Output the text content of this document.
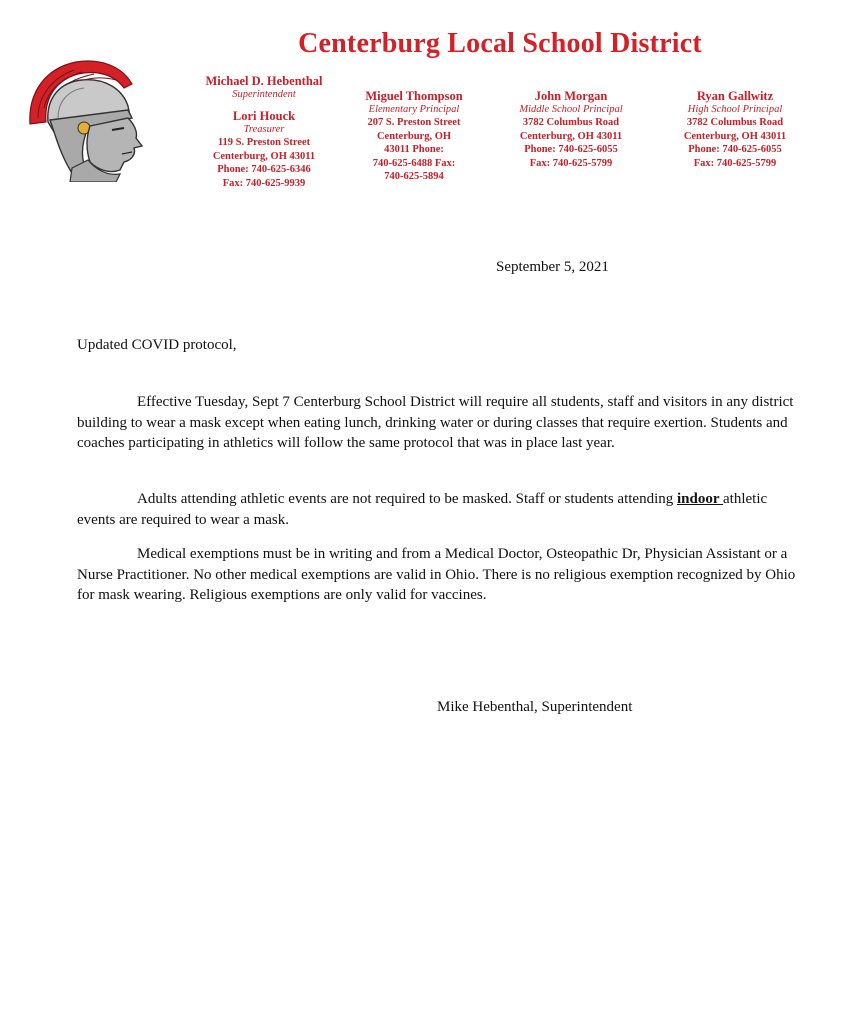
Centerburg Local School District
Michael D. Hebenthal
Superintendent
Lori Houck
Treasurer
119 S. Preston Street
Centerburg, OH 43011
Phone: 740-625-6346
Fax: 740-625-9939
Miguel Thompson
Elementary Principal
207 S. Preston Street
Centerburg, OH
43011 Phone:
740-625-6488 Fax:
740-625-5894
John Morgan
Middle School Principal
3782 Columbus Road
Centerburg, OH 43011
Phone: 740-625-6055
Fax: 740-625-5799
Ryan Gallwitz
High School Principal
3782 Columbus Road
Centerburg, OH 43011
Phone: 740-625-6055
Fax: 740-625-5799
September 5, 2021
Updated COVID protocol,
Effective Tuesday, Sept 7 Centerburg School District will require all students, staff and visitors in any district building to wear a mask except when eating lunch, drinking water or during classes that require exertion. Students and coaches participating in athletics will follow the same protocol that was in place last year.
Adults attending athletic events are not required to be masked. Staff or students attending indoor athletic events are required to wear a mask.
Medical exemptions must be in writing and from a Medical Doctor, Osteopathic Dr, Physician Assistant or a Nurse Practitioner. No other medical exemptions are valid in Ohio. There is no religious exemption recognized by Ohio for mask wearing. Religious exemptions are only valid for vaccines.
Mike Hebenthal, Superintendent
